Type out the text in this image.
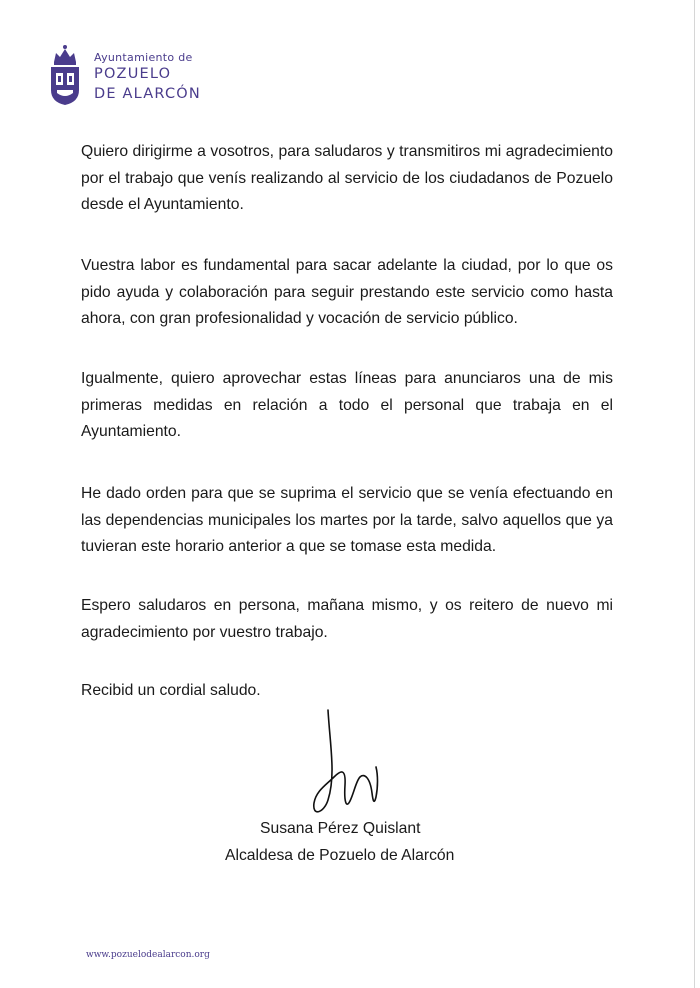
Ayuntamiento de
POZUELO
DE ALARCÓN

Quiero dirigirme a vosotros, para saludaros y transmitiros mi agradecimiento por el trabajo que venís realizando al servicio de los ciudadanos de Pozuelo desde el Ayuntamiento.

Vuestra labor es fundamental para sacar adelante la ciudad, por lo que os pido ayuda y colaboración para seguir prestando este servicio como hasta ahora, con gran profesionalidad y vocación de servicio público.

Igualmente, quiero aprovechar estas líneas para anunciaros una de mis primeras medidas en relación a todo el personal que trabaja en el Ayuntamiento.

He dado orden para que se suprima el servicio que se venía efectuando en las dependencias municipales los martes por la tarde, salvo aquellos que ya tuvieran este horario anterior a que se tomase esta medida.

Espero saludaros en persona, mañana mismo, y os reitero de nuevo mi agradecimiento por vuestro trabajo.

Recibid un cordial saludo.

Susana Pérez Quislant
Alcaldesa de Pozuelo de Alarcón
www.pozuelodealarcon.org
